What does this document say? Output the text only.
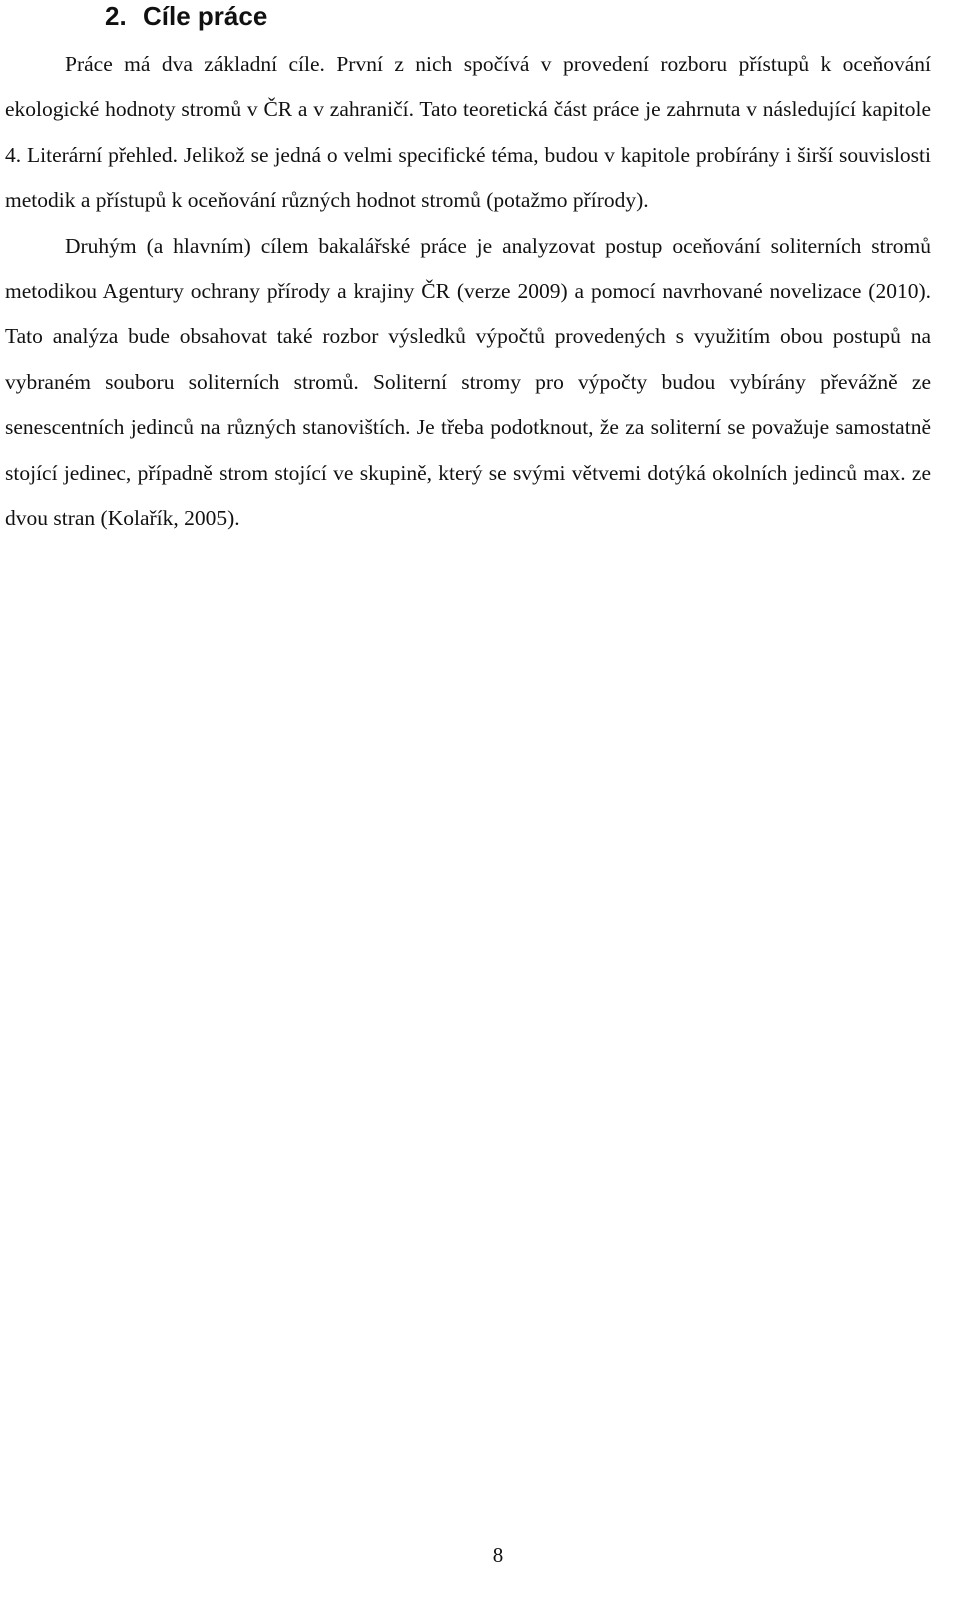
2. Cíle práce

Práce má dva základní cíle. První z nich spočívá v provedení rozboru přístupů k oceňování ekologické hodnoty stromů v ČR a v zahraničí. Tato teoretická část práce je zahrnuta v následující kapitole 4. Literární přehled. Jelikož se jedná o velmi specifické téma, budou v kapitole probírány i širší souvislosti metodik a přístupů k oceňování různých hodnot stromů (potažmo přírody).

Druhým (a hlavním) cílem bakalářské práce je analyzovat postup oceňování soliterních stromů metodikou Agentury ochrany přírody a krajiny ČR (verze 2009) a pomocí navrhované novelizace (2010). Tato analýza bude obsahovat také rozbor výsledků výpočtů provedených s využitím obou postupů na vybraném souboru soliterních stromů. Soliterní stromy pro výpočty budou vybírány převážně ze senescentních jedinců na různých stanovištích. Je třeba podotknout, že za soliterní se považuje samostatně stojící jedinec, případně strom stojící ve skupině, který se svými větvemi dotýká okolních jedinců max. ze dvou stran (Kolařík, 2005).

8
